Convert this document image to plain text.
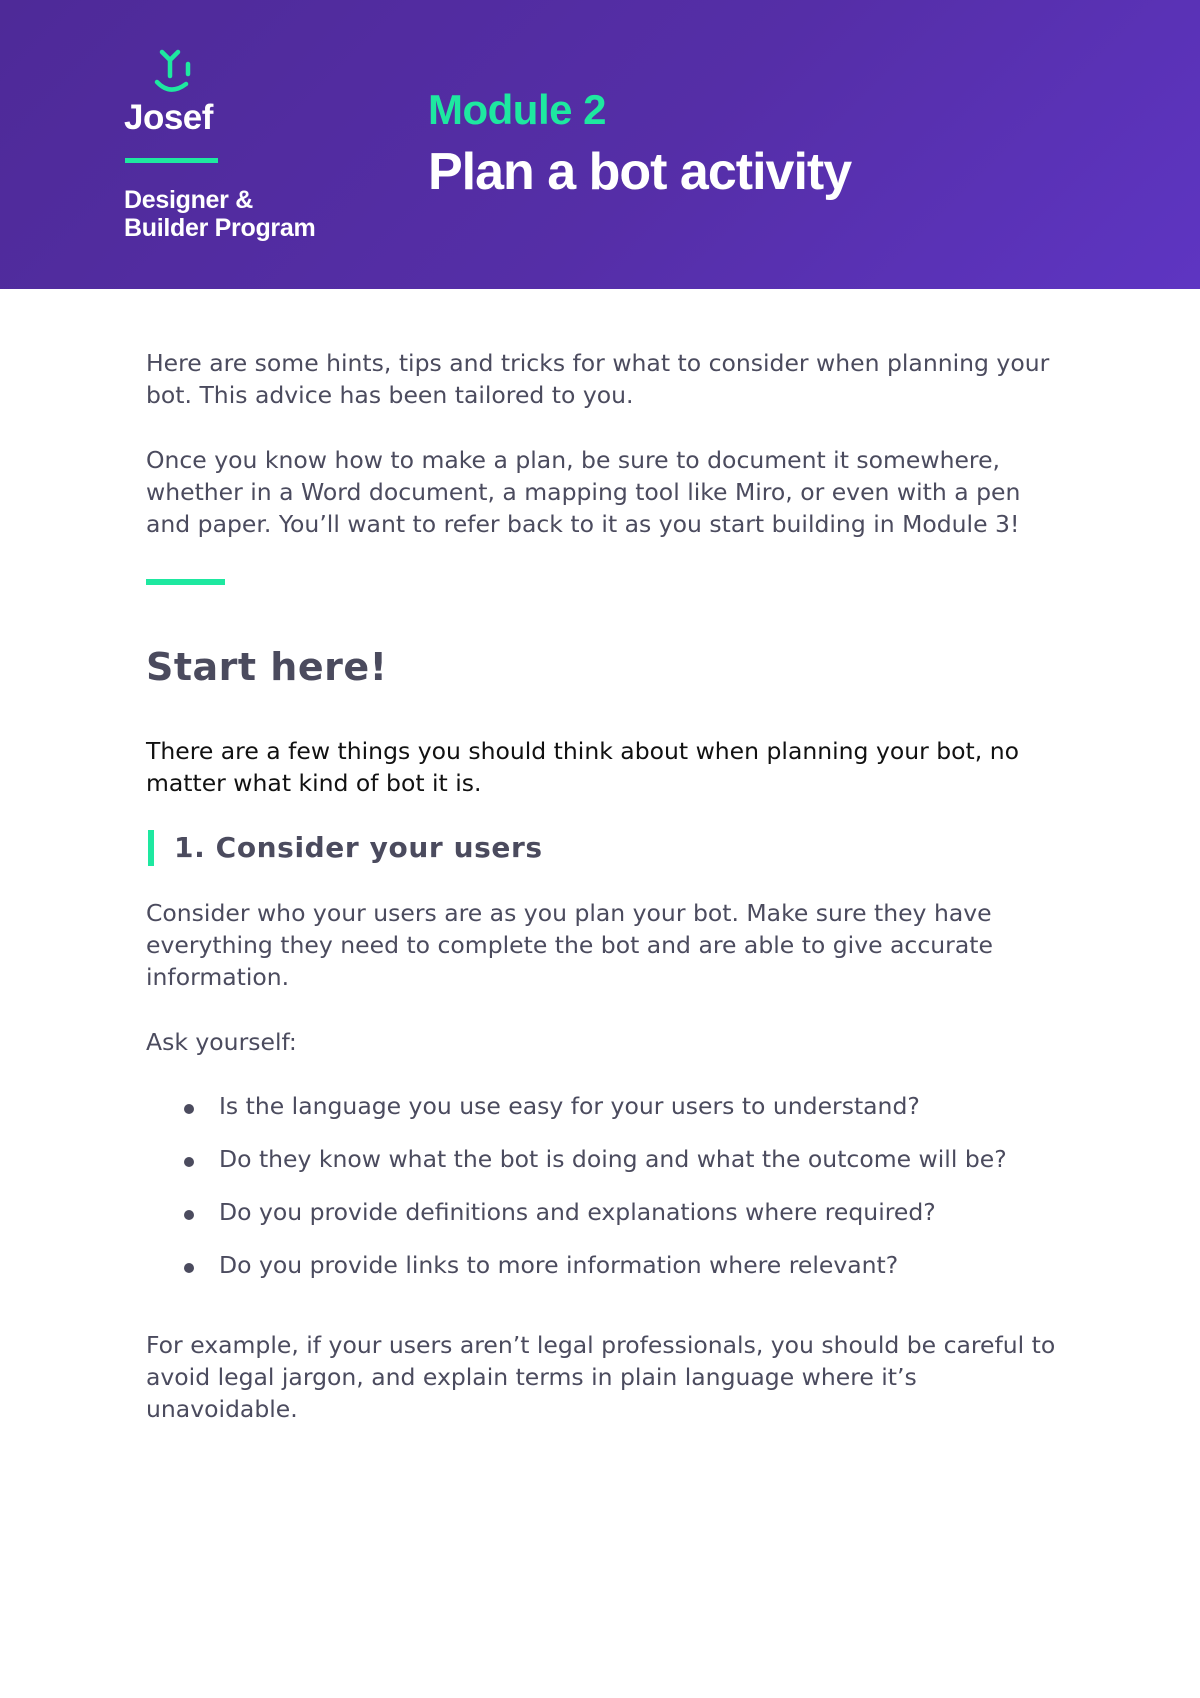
Josef
Designer &
Builder Program
Module 2
Plan a bot activity

Here are some hints, tips and tricks for what to consider when planning your bot. This advice has been tailored to you.

Once you know how to make a plan, be sure to document it somewhere, whether in a Word document, a mapping tool like Miro, or even with a pen and paper. You’ll want to refer back to it as you start building in Module 3!

Start here!

There are a few things you should think about when planning your bot, no matter what kind of bot it is.

1. Consider your users

Consider who your users are as you plan your bot. Make sure they have everything they need to complete the bot and are able to give accurate information.

Ask yourself:

Is the language you use easy for your users to understand?
Do they know what the bot is doing and what the outcome will be?
Do you provide definitions and explanations where required?
Do you provide links to more information where relevant?

For example, if your users aren’t legal professionals, you should be careful to avoid legal jargon, and explain terms in plain language where it’s unavoidable.
